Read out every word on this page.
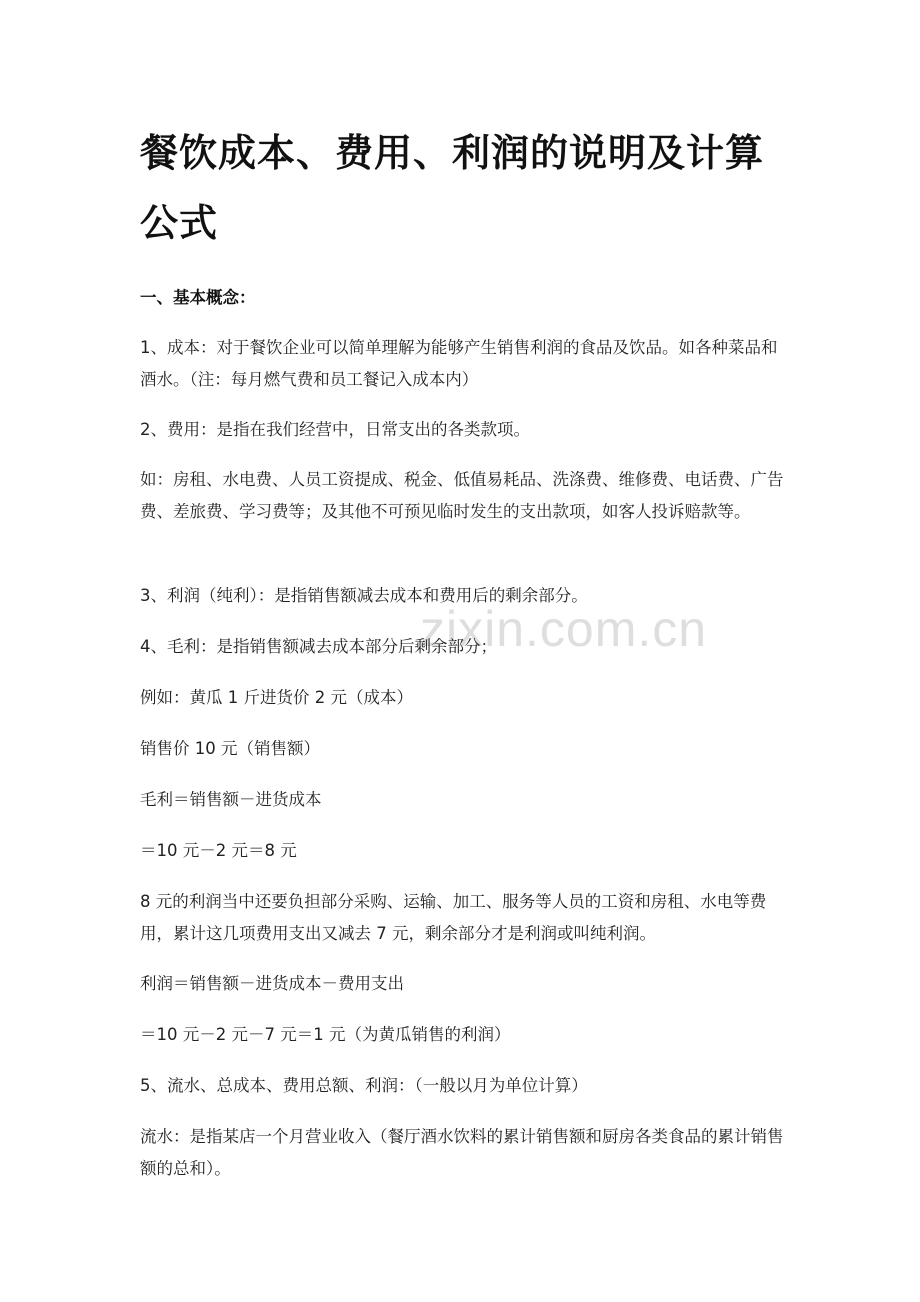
zixin.com.cn
餐饮成本、费用、利润的说明及计算公式

一、基本概念：

1、成本：对于餐饮企业可以简单理解为能够产生销售利润的食品及饮品。如各种菜品和酒水。（注：每月燃气费和员工餐记入成本内）

2、费用：是指在我们经营中，日常支出的各类款项。

如：房租、水电费、人员工资提成、税金、低值易耗品、洗涤费、维修费、电话费、广告费、差旅费、学习费等；及其他不可预见临时发生的支出款项，如客人投诉赔款等。

3、利润（纯利）：是指销售额减去成本和费用后的剩余部分。

4、毛利：是指销售额减去成本部分后剩余部分；

例如：黄瓜 1 斤进货价 2 元（成本）

销售价 10 元（销售额）

毛利＝销售额－进货成本

＝10 元－2 元＝8 元

8 元的利润当中还要负担部分采购、运输、加工、服务等人员的工资和房租、水电等费用，累计这几项费用支出又减去 7 元，剩余部分才是利润或叫纯利润。

利润＝销售额－进货成本－费用支出

＝10 元－2 元－7 元＝1 元（为黄瓜销售的利润）

5、流水、总成本、费用总额、利润：（一般以月为单位计算）

流水：是指某店一个月营业收入（餐厅酒水饮料的累计销售额和厨房各类食品的累计销售额的总和）。
